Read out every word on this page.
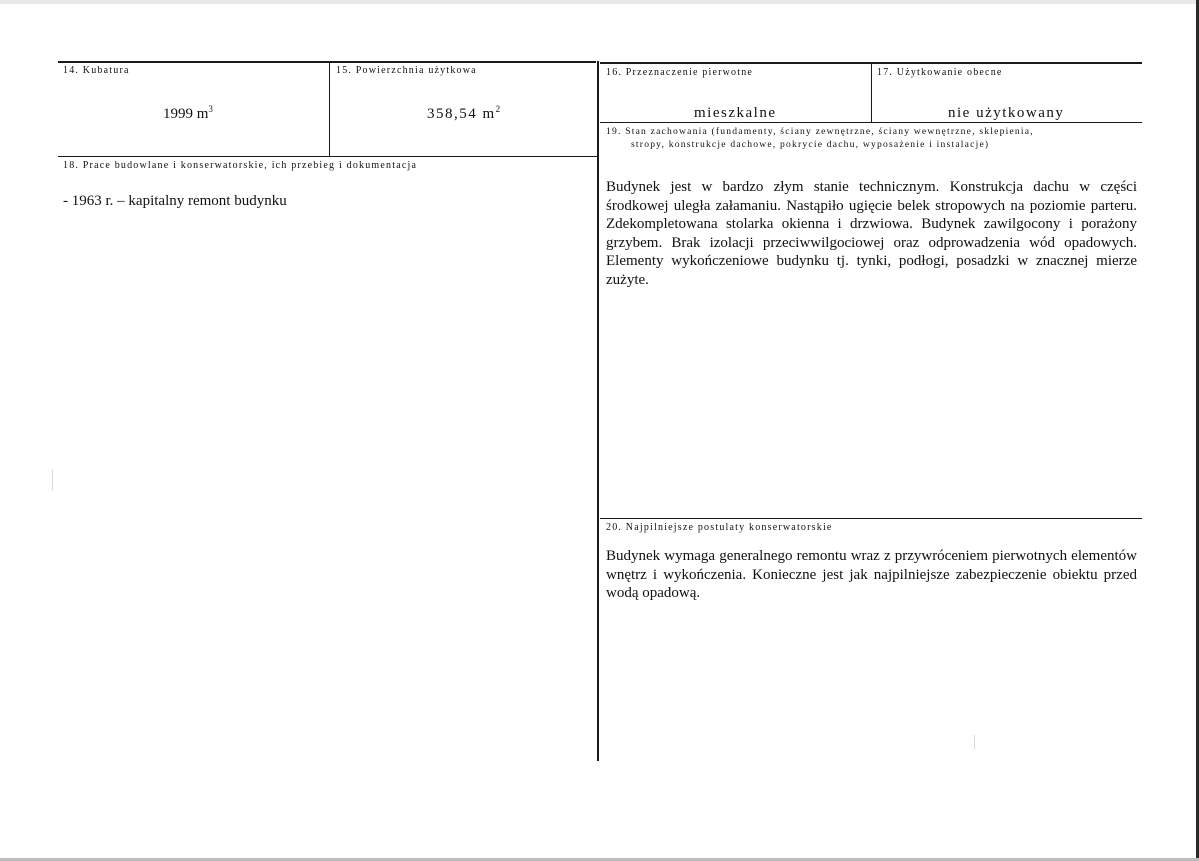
14. Kubatura
1999 $m^3$
15. Powierzchnia użytkowa
358,54 $m^2$
16. Przeznaczenie pierwotne
mieszkalne
17. Użytkowanie obecne
nie użytkowany
18. Prace budowlane i konserwatorskie, ich przebieg i dokumentacja
- 1963 r. – kapitalny remont budynku
19. Stan zachowania (fundamenty, ściany zewnętrzne, ściany wewnętrzne, sklepienia,
stropy, konstrukcje dachowe, pokrycie dachu, wyposażenie i instalacje)
Budynek jest w bardzo złym stanie technicznym. Konstrukcja dachu w części środkowej uległa załamaniu. Nastąpiło ugięcie belek stropowych na poziomie parteru. Zdekompletowana stolarka okienna i drzwiowa. Budynek zawilgocony i porażony grzybem. Brak izolacji przeciwwilgociowej oraz odprowadzenia wód opadowych. Elementy wykończeniowe budynku tj. tynki, podłogi, posadzki w znacznej mierze zużyte.
20. Najpilniejsze postulaty konserwatorskie
Budynek wymaga generalnego remontu wraz z przywróceniem pierwotnych elementów wnętrz i wykończenia. Konieczne jest jak najpilniejsze zabezpieczenie obiektu przed wodą opadową.
